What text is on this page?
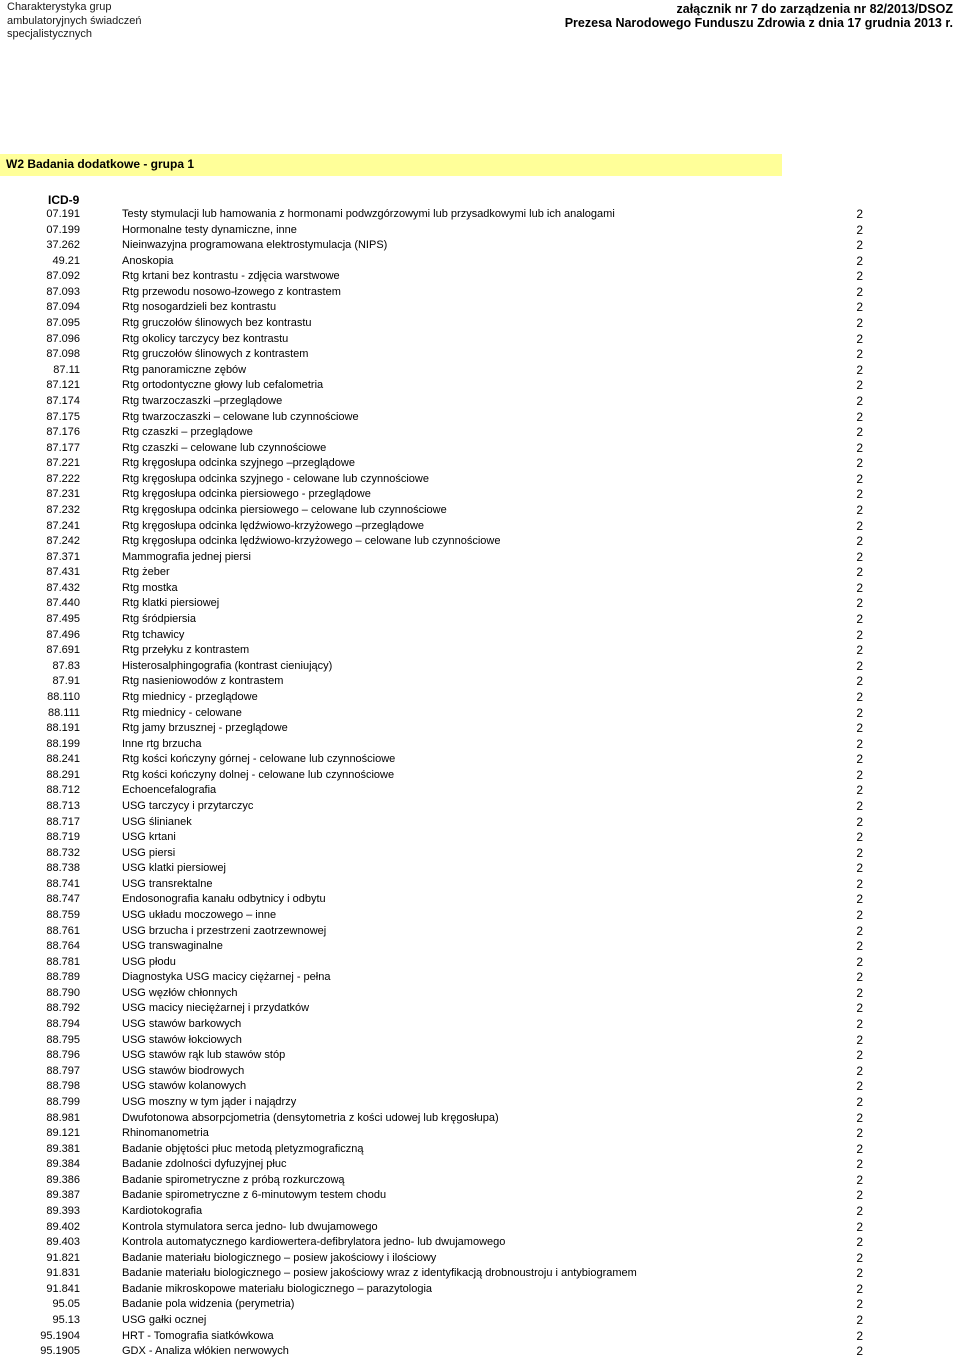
Charakterystyka grup
ambulatoryjnych świadczeń
specjalistycznych
załącznik nr 7 do zarządzenia nr 82/2013/DSOZ
Prezesa Narodowego Funduszu Zdrowia z dnia 17 grudnia 2013 r.
W2 Badania dodatkowe - grupa 1
ICD-9
07.191	Testy stymulacji lub hamowania z hormonami podwzgórzowymi lub przysadkowymi lub ich analogami	2
07.199	Hormonalne testy dynamiczne, inne	2
37.262	Nieinwazyjna programowana elektrostymulacja (NIPS)	2
49.21	Anoskopia	2
87.092	Rtg krtani bez kontrastu - zdjęcia warstwowe	2
87.093	Rtg przewodu nosowo-łzowego z kontrastem	2
87.094	Rtg nosogardzieli bez kontrastu	2
87.095	Rtg gruczołów ślinowych bez kontrastu	2
87.096	Rtg okolicy tarczycy bez kontrastu	2
87.098	Rtg gruczołów ślinowych z kontrastem	2
87.11	Rtg panoramiczne zębów	2
87.121	Rtg ortodontyczne głowy lub cefalometria	2
87.174	Rtg twarzoczaszki –przeglądowe	2
87.175	Rtg twarzoczaszki – celowane lub czynnościowe	2
87.176	Rtg czaszki – przeglądowe	2
87.177	Rtg czaszki – celowane lub czynnościowe	2
87.221	Rtg kręgosłupa odcinka szyjnego –przeglądowe	2
87.222	Rtg kręgosłupa odcinka szyjnego - celowane lub czynnościowe	2
87.231	Rtg kręgosłupa odcinka piersiowego - przeglądowe	2
87.232	Rtg kręgosłupa odcinka piersiowego – celowane lub czynnościowe	2
87.241	Rtg kręgosłupa odcinka lędźwiowo-krzyżowego –przeglądowe	2
87.242	Rtg kręgosłupa odcinka lędźwiowo-krzyżowego – celowane lub czynnościowe	2
87.371	Mammografia jednej piersi	2
87.431	Rtg żeber	2
87.432	Rtg mostka	2
87.440	Rtg klatki piersiowej	2
87.495	Rtg śródpiersia	2
87.496	Rtg tchawicy	2
87.691	Rtg przełyku z kontrastem	2
87.83	Histerosalphingografia (kontrast cieniujący)	2
87.91	Rtg nasieniowodów z kontrastem	2
88.110	Rtg miednicy - przeglądowe	2
88.111	Rtg miednicy - celowane	2
88.191	Rtg jamy brzusznej - przeglądowe	2
88.199	Inne rtg brzucha	2
88.241	Rtg kości kończyny górnej - celowane lub czynnościowe	2
88.291	Rtg kości kończyny dolnej - celowane lub czynnościowe	2
88.712	Echoencefalografia	2
88.713	USG tarczycy i przytarczyc	2
88.717	USG ślinianek	2
88.719	USG krtani	2
88.732	USG piersi	2
88.738	USG klatki piersiowej	2
88.741	USG transrektalne	2
88.747	Endosonografia kanału odbytnicy i odbytu	2
88.759	USG układu moczowego – inne	2
88.761	USG brzucha i przestrzeni zaotrzewnowej	2
88.764	USG transwaginalne	2
88.781	USG płodu	2
88.789	Diagnostyka USG macicy ciężarnej - pełna	2
88.790	USG węzłów chłonnych	2
88.792	USG macicy nieciężarnej i przydatków	2
88.794	USG stawów barkowych	2
88.795	USG stawów łokciowych	2
88.796	USG stawów rąk lub stawów stóp	2
88.797	USG stawów biodrowych	2
88.798	USG stawów kolanowych	2
88.799	USG moszny w tym jąder i najądrzy	2
88.981	Dwufotonowa absorpcjometria (densytometria z kości udowej lub kręgosłupa)	2
89.121	Rhinomanometria	2
89.381	Badanie objętości płuc metodą pletyzmograficzną	2
89.384	Badanie zdolności dyfuzyjnej płuc	2
89.386	Badanie spirometryczne z próbą rozkurczową	2
89.387	Badanie spirometryczne z 6-minutowym testem chodu	2
89.393	Kardiotokografia	2
89.402	Kontrola stymulatora serca jedno- lub dwujamowego	2
89.403	Kontrola automatycznego kardiowertera-defibrylatora jedno- lub dwujamowego	2
91.821	Badanie materiału biologicznego – posiew jakościowy i ilościowy	2
91.831	Badanie materiału biologicznego – posiew jakościowy wraz z identyfikacją drobnoustroju i antybiogramem	2
91.841	Badanie mikroskopowe materiału biologicznego – parazytologia	2
95.05	Badanie pola widzenia (perymetria)	2
95.13	USG gałki ocznej	2
95.1904	HRT - Tomografia siatkówkowa	2
95.1905	GDX - Analiza włókien nerwowych	2
